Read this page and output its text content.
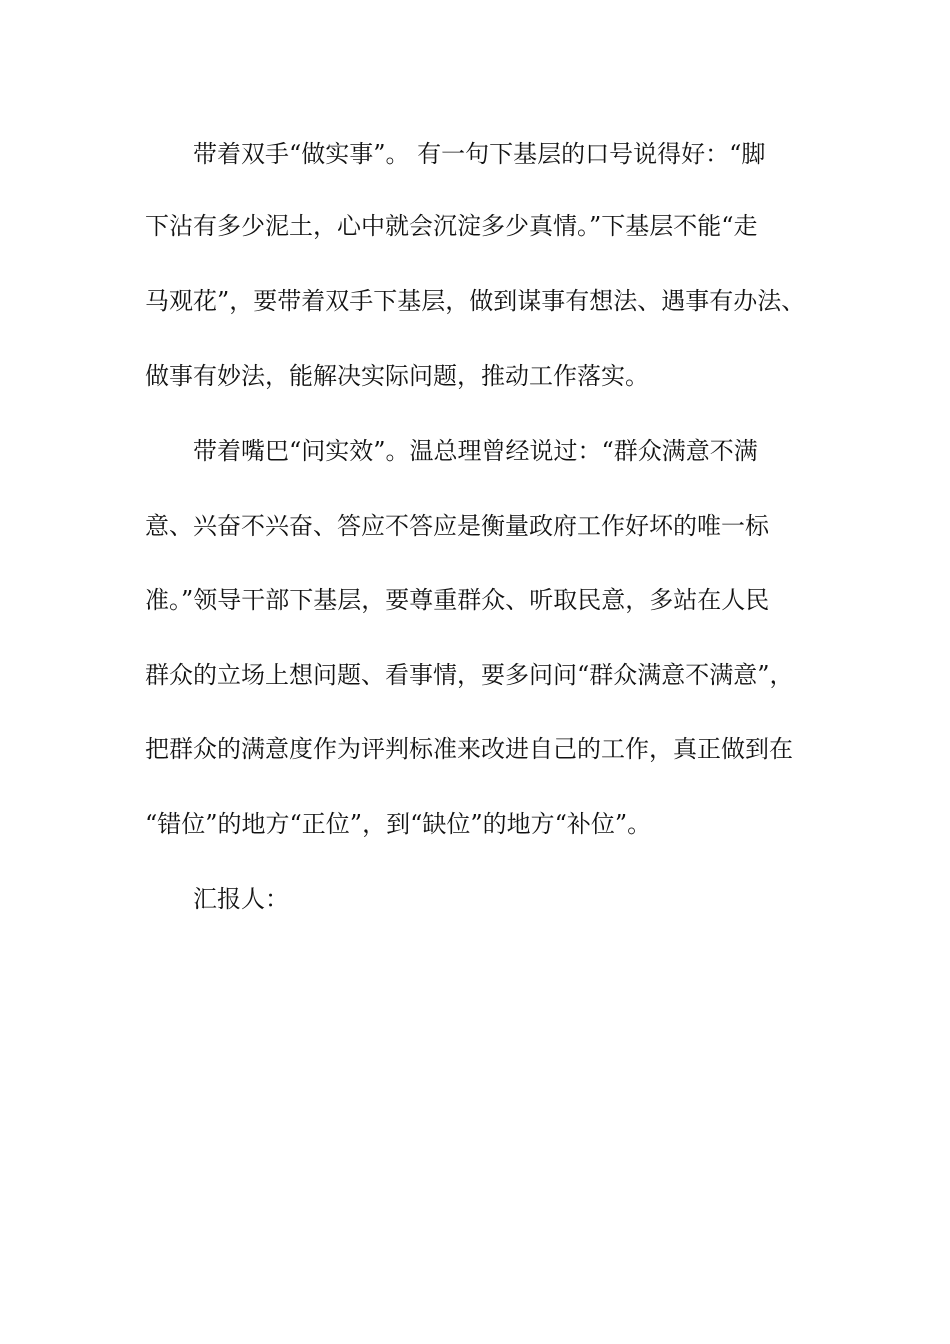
带着双手“做实事”。 有一句下基层的口号说得好：“脚
下沾有多少泥土，心中就会沉淀多少真情。”下基层不能“走
马观花”，要带着双手下基层，做到谋事有想法、遇事有办法、
做事有妙法，能解决实际问题，推动工作落实。
带着嘴巴“问实效”。温总理曾经说过：“群众满意不满
意、兴奋不兴奋、答应不答应是衡量政府工作好坏的唯一标
准。”领导干部下基层，要尊重群众、听取民意，多站在人民
群众的立场上想问题、看事情，要多问问“群众满意不满意”，
把群众的满意度作为评判标准来改进自己的工作，真正做到在
“错位”的地方“正位”，到“缺位”的地方“补位”。
汇报人：
